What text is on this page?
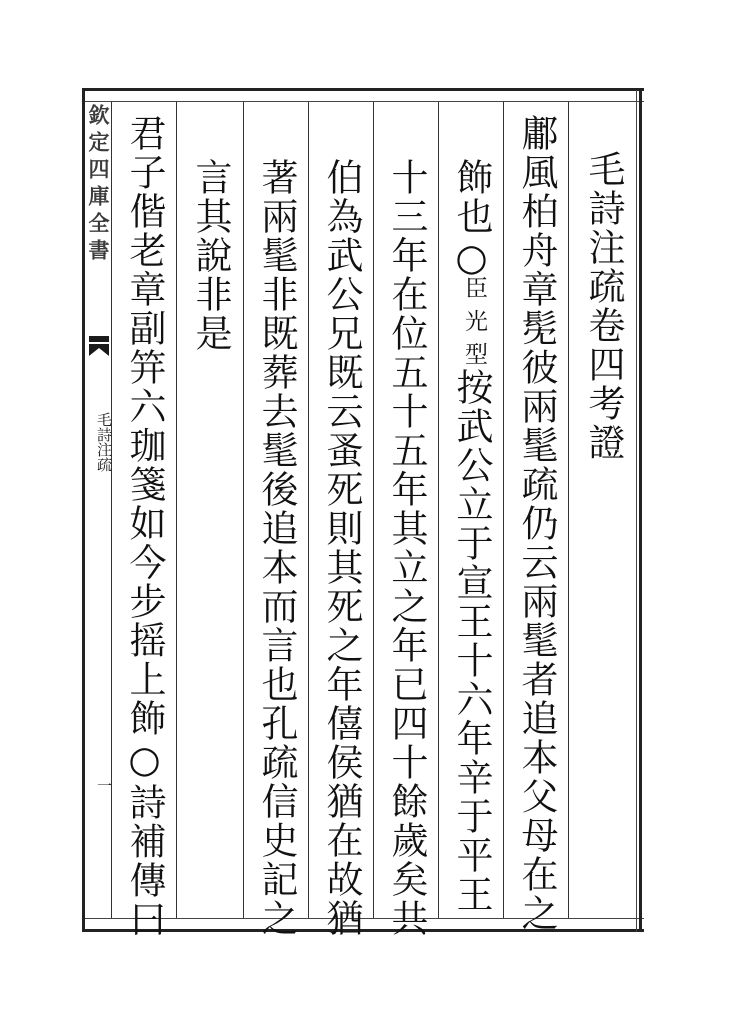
欽定四庫全書
毛詩注疏
一
毛詩注疏卷四考證
鄘風柏舟章髧彼兩髦疏仍云兩髦者追本父母在之
飾也○
臣光型
按武公立于宣王十六年辛于平王
十三年在位五十五年其立之年已四十餘歲矣共
伯為武公兄既云蚤死則其死之年僖侯猶在故猶
著兩髦非既葬去髦後追本而言也孔疏信史記之
言其說非是
君子偕老章副笄六珈箋如今步摇上飾○詩補傳曰
